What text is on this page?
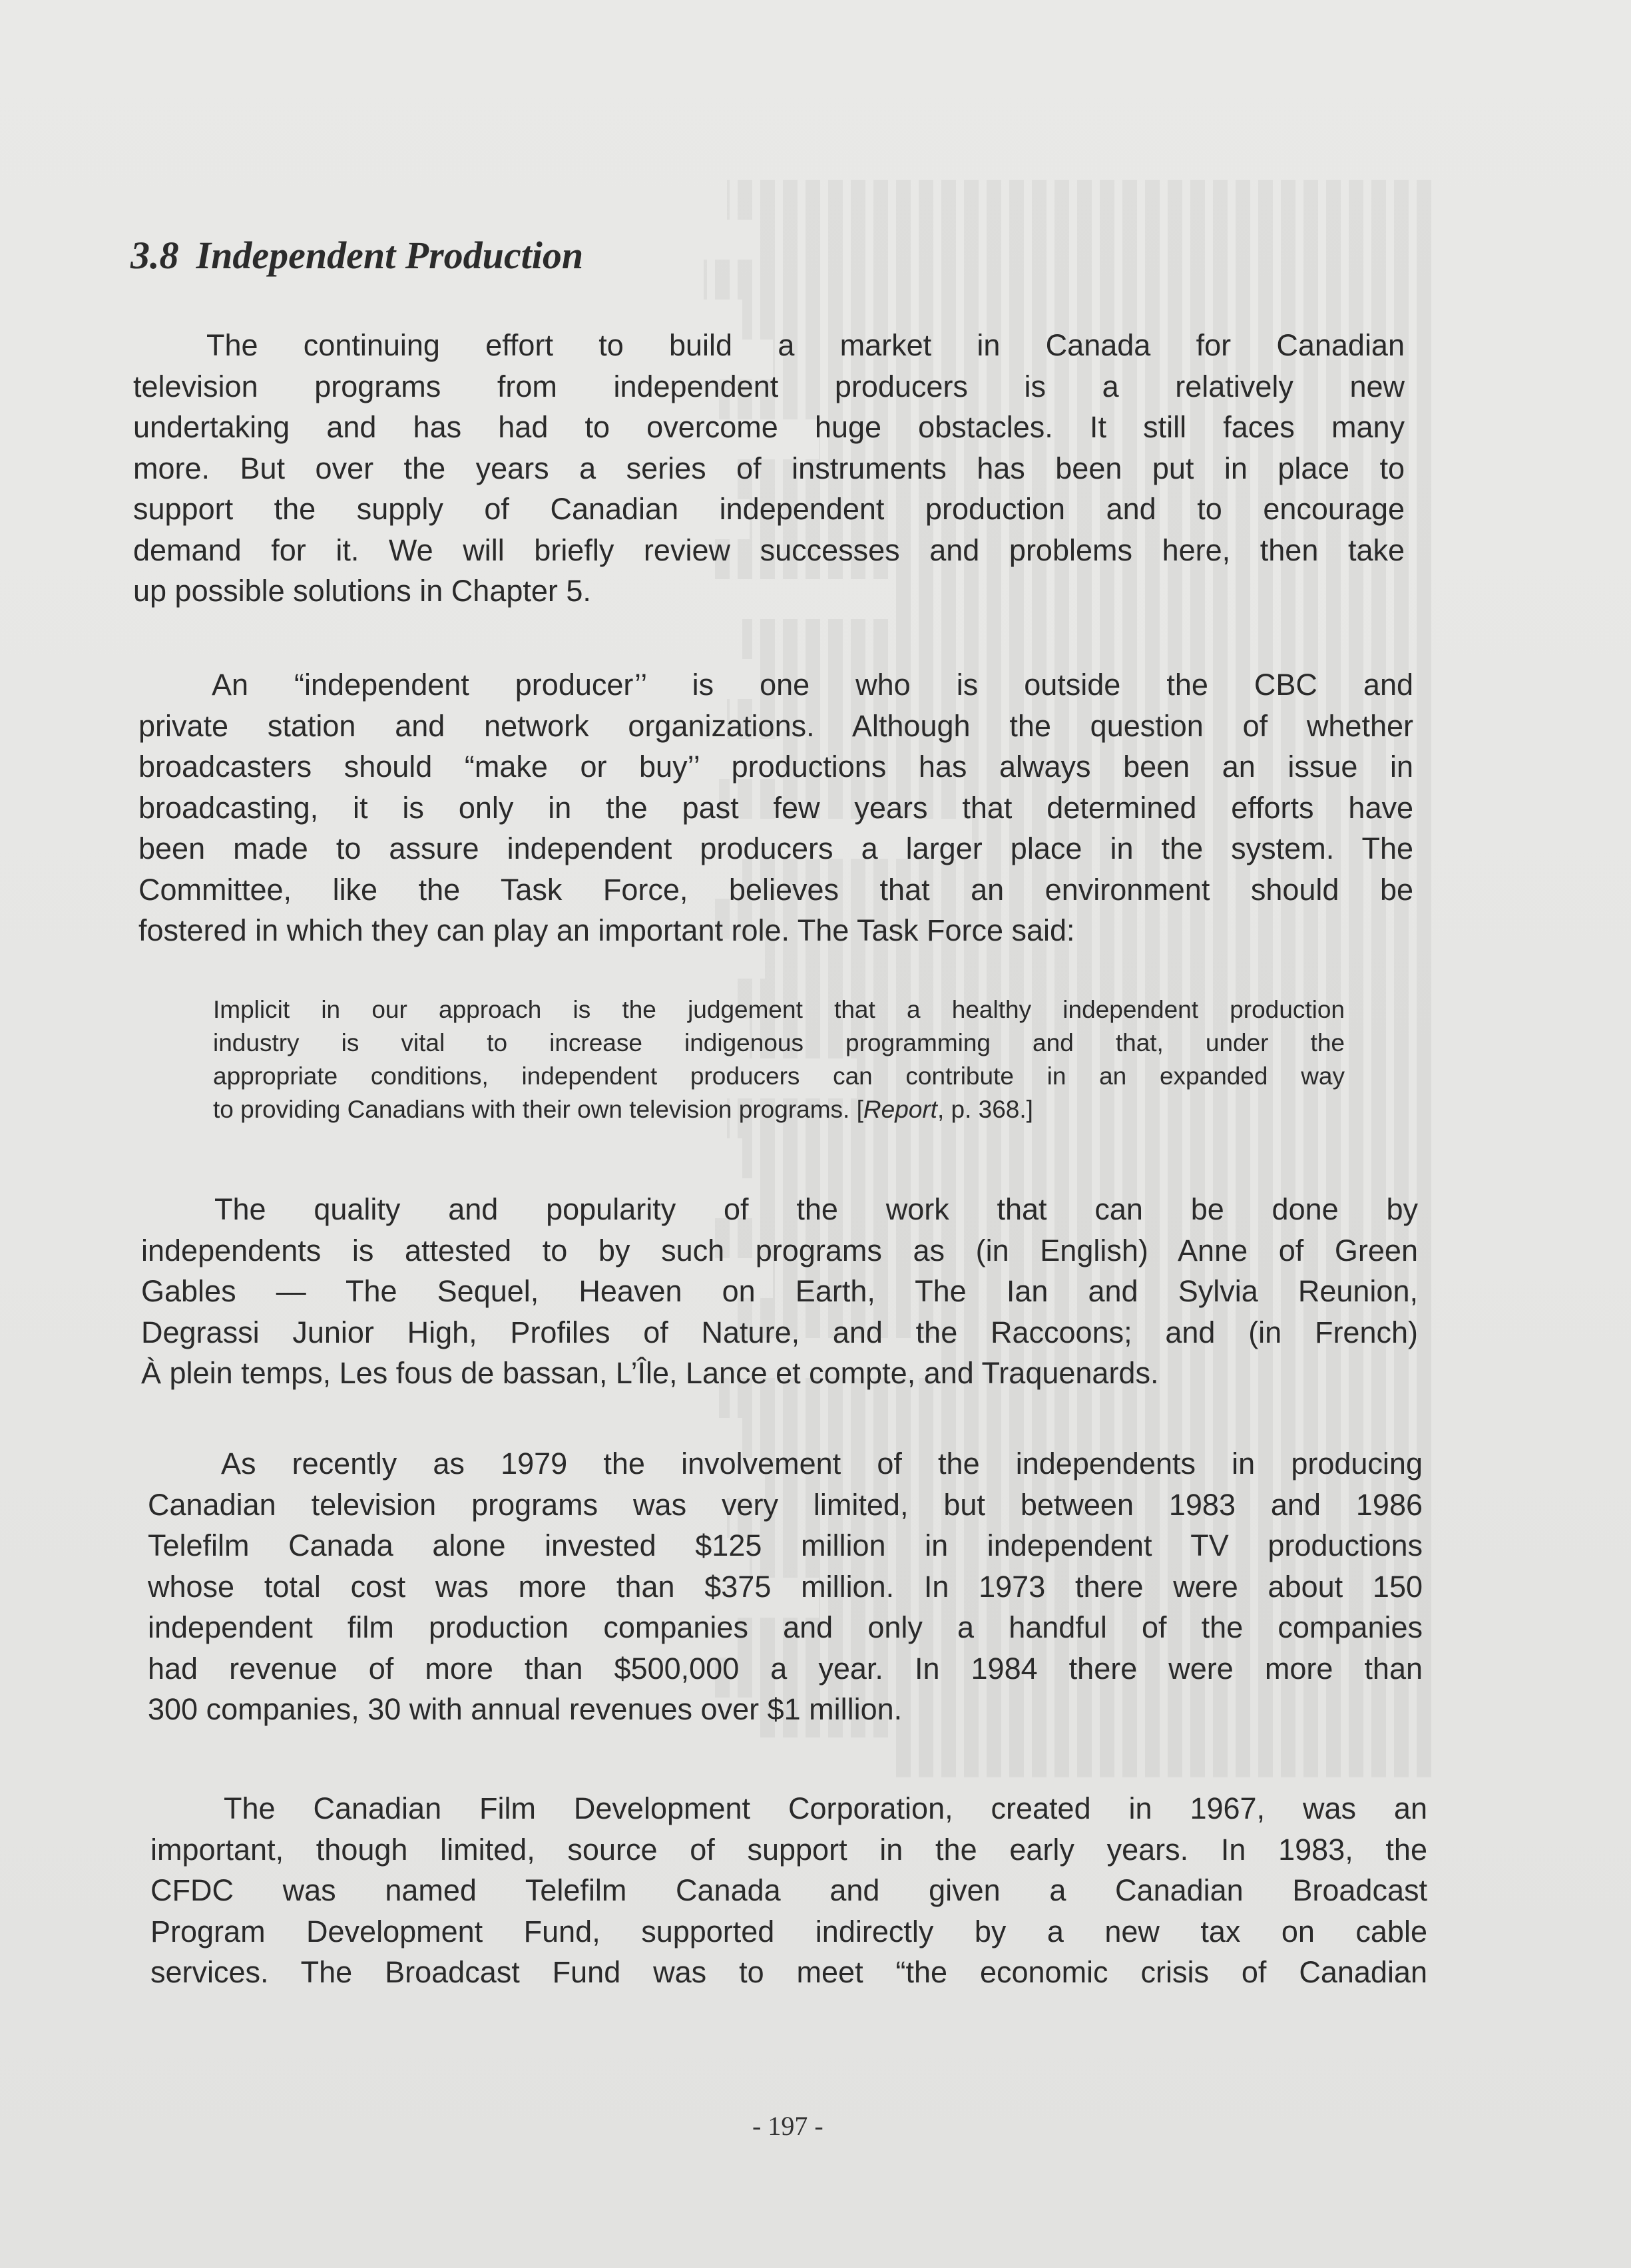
3.8 Independent Production
The continuing effort to build a market in Canada for Canadian
television programs from independent producers is a relatively new
undertaking and has had to overcome huge obstacles. It still faces many
more. But over the years a series of instruments has been put in place to
support the supply of Canadian independent production and to encourage
demand for it. We will briefly review successes and problems here, then take
up possible solutions in Chapter 5.
An “independent producer’’ is one who is outside the CBC and
private station and network organizations. Although the question of whether
broadcasters should “make or buy’’ productions has always been an issue in
broadcasting, it is only in the past few years that determined efforts have
been made to assure independent producers a larger place in the system. The
Committee, like the Task Force, believes that an environment should be
fostered in which they can play an important role. The Task Force said:
Implicit in our approach is the judgement that a healthy independent production
industry is vital to increase indigenous programming and that, under the
appropriate conditions, independent producers can contribute in an expanded way
to providing Canadians with their own television programs. [Report, p. 368.]
The quality and popularity of the work that can be done by
independents is attested to by such programs as (in English) Anne of Green
Gables — The Sequel, Heaven on Earth, The Ian and Sylvia Reunion,
Degrassi Junior High, Profiles of Nature, and the Raccoons; and (in French)
À plein temps, Les fous de bassan, L’Île, Lance et compte, and Traquenards.
As recently as 1979 the involvement of the independents in producing
Canadian television programs was very limited, but between 1983 and 1986
Telefilm Canada alone invested $125 million in independent TV productions
whose total cost was more than $375 million. In 1973 there were about 150
independent film production companies and only a handful of the companies
had revenue of more than $500,000 a year. In 1984 there were more than
300 companies, 30 with annual revenues over $1 million.
The Canadian Film Development Corporation, created in 1967, was an
important, though limited, source of support in the early years. In 1983, the
CFDC was named Telefilm Canada and given a Canadian Broadcast
Program Development Fund, supported indirectly by a new tax on cable
services. The Broadcast Fund was to meet “the economic crisis of Canadian
- 197 -
